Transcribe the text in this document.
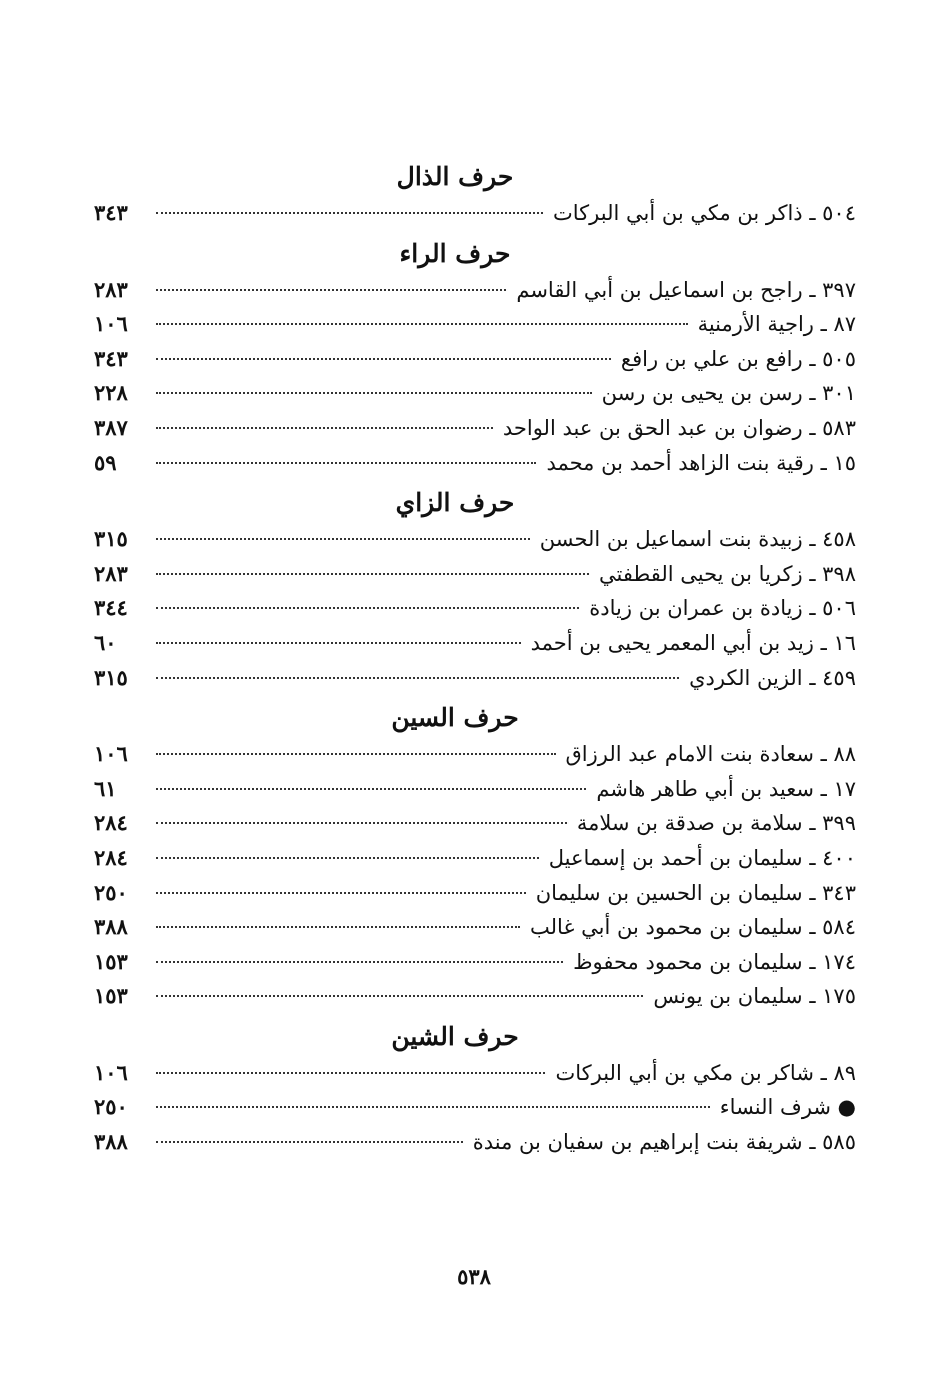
حرف الذال
٥٠٤ ـ ذاكر بن مكي بن أبي البركات
٣٤٣
حرف الراء
٣٩٧ ـ راجح بن اسماعيل بن أبي القاسم
٢٨٣
٨٧ ـ راجية الأرمنية
١٠٦
٥٠٥ ـ رافع بن علي بن رافع
٣٤٣
٣٠١ ـ رسن بن يحيى بن رسن
٢٢٨
٥٨٣ ـ رضوان بن عبد الحق بن عبد الواحد
٣٨٧
١٥ ـ رقية بنت الزاهد أحمد بن محمد
٥٩
حرف الزاي
٤٥٨ ـ زبيدة بنت اسماعيل بن الحسن
٣١٥
٣٩٨ ـ زكريا بن يحيى القطفتي
٢٨٣
٥٠٦ ـ زيادة بن عمران بن زيادة
٣٤٤
١٦ ـ زيد بن أبي المعمر يحيى بن أحمد
٦٠
٤٥٩ ـ الزين الكردي
٣١٥
حرف السين
٨٨ ـ سعادة بنت الامام عبد الرزاق
١٠٦
١٧ ـ سعيد بن أبي طاهر هاشم
٦١
٣٩٩ ـ سلامة بن صدقة بن سلامة
٢٨٤
٤٠٠ ـ سليمان بن أحمد بن إسماعيل
٢٨٤
٣٤٣ ـ سليمان بن الحسين بن سليمان
٢٥٠
٥٨٤ ـ سليمان بن محمود بن أبي غالب
٣٨٨
١٧٤ ـ سليمان بن محمود محفوظ
١٥٣
١٧٥ ـ سليمان بن يونس
١٥٣
حرف الشين
٨٩ ـ شاكر بن مكي بن أبي البركات
١٠٦
● شرف النساء
٢٥٠
٥٨٥ ـ شريفة بنت إبراهيم بن سفيان بن مندة
٣٨٨
٥٣٨
